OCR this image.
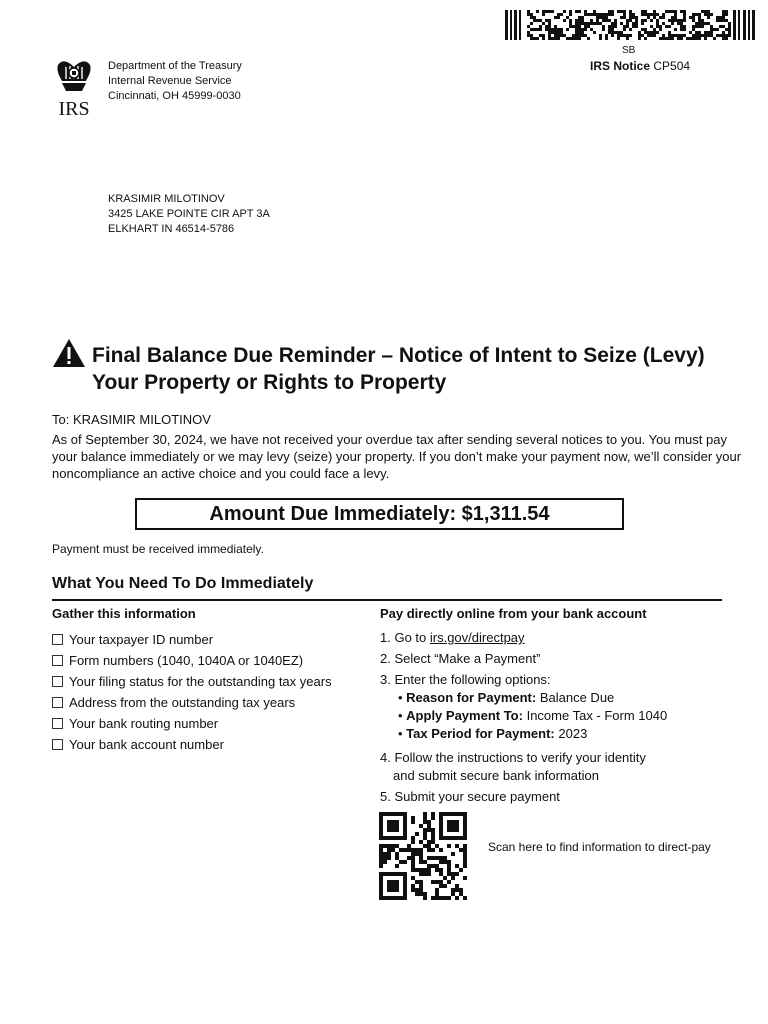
SB
IRS Notice CP504
IRS
Department of the Treasury
Internal Revenue Service
Cincinnati, OH 45999-0030
KRASIMIR MILOTINOV
3425 LAKE POINTE CIR APT 3A
ELKHART IN 46514-5786
Final Balance Due Reminder – Notice of Intent to Seize (Levy)
Your Property or Rights to Property
To: KRASIMIR MILOTINOV
As of September 30, 2024, we have not received your overdue tax after sending several notices to you. You must pay your balance immediately or we may levy (seize) your property. If you don’t make your payment now, we’ll consider your noncompliance an active choice and you could face a levy.
Amount Due Immediately: $1,311.54
Payment must be received immediately.
What You Need To Do Immediately
Gather this information
Your taxpayer ID number
Form numbers (1040, 1040A or 1040EZ)
Your filing status for the outstanding tax years
Address from the outstanding tax years
Your bank routing number
Your bank account number
Pay directly online from your bank account
1. Go to irs.gov/directpay
2. Select “Make a Payment”
3. Enter the following options:
• Reason for Payment: Balance Due
• Apply Payment To: Income Tax - Form 1040
• Tax Period for Payment: 2023
4. Follow the instructions to verify your identity
and submit secure bank information
5. Submit your secure payment
Scan here to find information to direct-pay
